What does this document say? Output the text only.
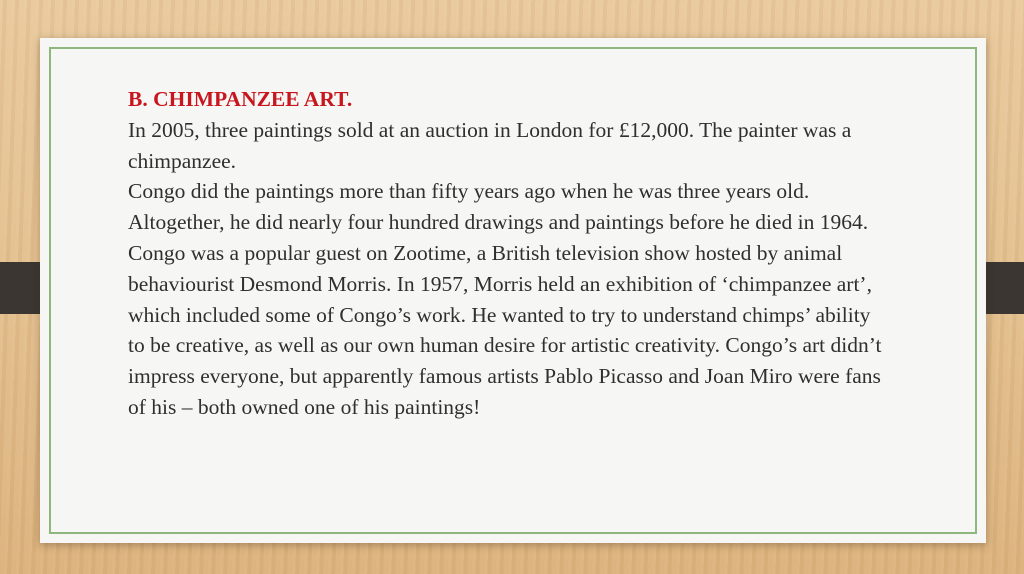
B. CHIMPANZEE ART.

In 2005, three paintings sold at an auction in London for £12,000. The painter was a chimpanzee.

Congo did the paintings more than fifty years ago when he was three years old. Altogether, he did nearly four hundred drawings and paintings before he died in 1964. Congo was a popular guest on Zootime, a British television show hosted by animal behaviourist Desmond Morris. In 1957, Morris held an exhibition of ‘chimpanzee art’, which included some of Congo’s work. He wanted to try to understand chimps’ ability to be creative, as well as our own human desire for artistic creativity. Congo’s art didn’t impress everyone, but apparently famous artists Pablo Picasso and Joan Miro were fans of his – both owned one of his paintings!
